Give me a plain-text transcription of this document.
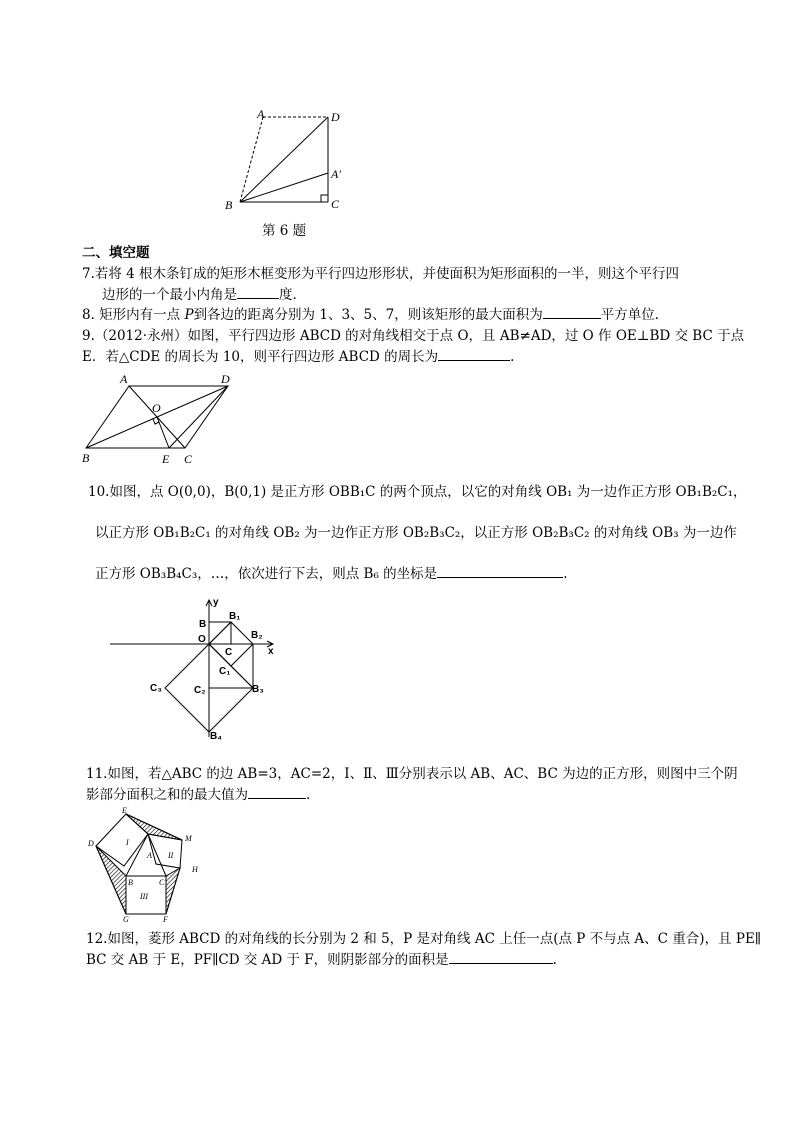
A	D
A′
B	C
第 6 题
二、填空题
7.若将 4 根木条钉成的矩形木框变形为平行四边形形状，并使面积为矩形面积的一半，则这个平行四
边形的一个最小内角是	度.
8. 矩形内有一点 P到各边的距离分别为 1、3、5、7，则该矩形的最大面积为	平方单位.
9.（2012·永州）如图，平行四边形 ABCD 的对角线相交于点 O，且 AB≠AD，过 O 作 OE⊥BD 交 BC 于点
E．若△CDE 的周长为 10，则平行四边形 ABCD 的周长为	.
A	D
O
B	E C
10.如图，点 O(0,0)，B(0,1) 是正方形 OBB₁C 的两个顶点，以它的对角线 OB₁ 为一边作正方形 OB₁B₂C₁，
以正方形 OB₁B₂C₁ 的对角线 OB₂ 为一边作正方形 OB₂B₃C₂，以正方形 OB₂B₃C₂ 的对角线 OB₃ 为一边作
正方形 OB₃B₄C₃，…，依次进行下去，则点 B₆ 的坐标是	.
y
x
B
B₁
O	B₂
C
C₁
C₃	C₂	B₃
B₄
11.如图，若△ABC 的边 AB=3，AC=2，Ⅰ、Ⅱ、Ⅲ分别表示以 AB、AC、BC 为边的正方形，则图中三个阴
影部分面积之和的最大值为	.
E
D	I	M
A II
H
B	C
III
G	F
12.如图，菱形 ABCD 的对角线的长分别为 2 和 5，P 是对角线 AC 上任一点(点 P 不与点 A、C 重合)，且 PE∥
BC 交 AB 于 E，PF∥CD 交 AD 于 F，则阴影部分的面积是	.
